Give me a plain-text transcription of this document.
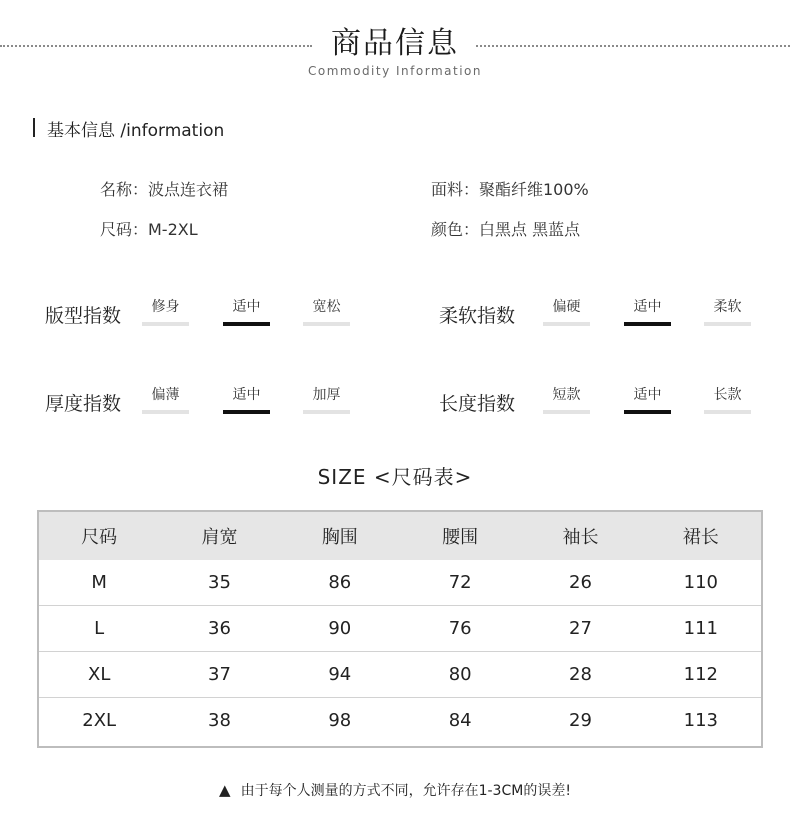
商品信息
Commodity Information
基本信息 /information
名称：波点连衣裙	面料：聚酯纤维100%
尺码：M-2XL	颜色：白黑点 黑蓝点
版型指数	修身	适中	宽松	柔软指数	偏硬	适中	柔软
厚度指数	偏薄	适中	加厚	长度指数	短款	适中	长款
SIZE <尺码表>
尺码	肩宽	胸围	腰围	袖长	裙长
M	35	86	72	26	110
L	36	90	76	27	111
XL	37	94	80	28	112
2XL	38	98	84	29	113
▲ 由于每个人测量的方式不同，允许存在1-3CM的误差!
